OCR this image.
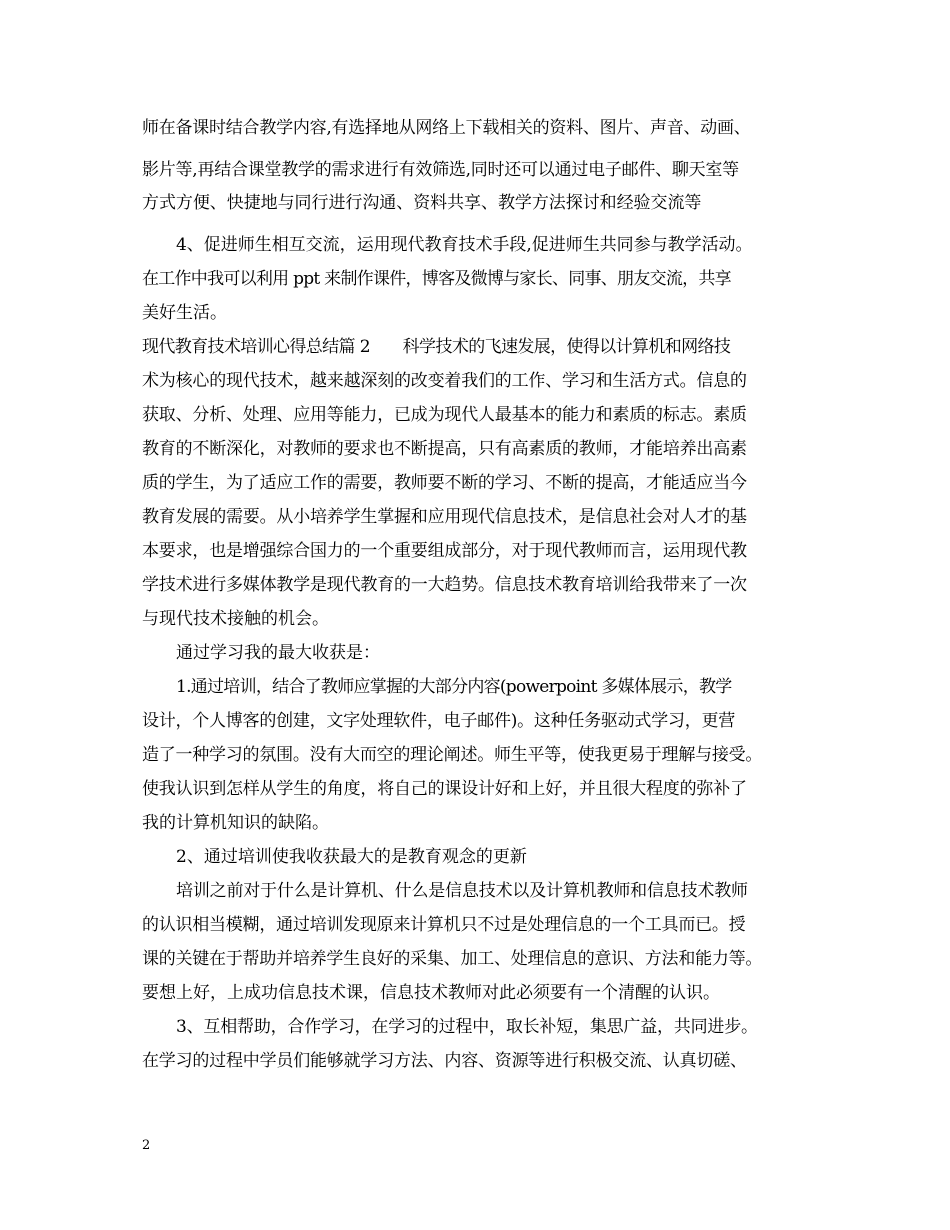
师在备课时结合教学内容,有选择地从网络上下载相关的资料、图片、声音、动画、
影片等,再结合课堂教学的需求进行有效筛选,同时还可以通过电子邮件、聊天室等
方式方便、快捷地与同行进行沟通、资料共享、教学方法探讨和经验交流等
4、促进师生相互交流，运用现代教育技术手段,促进师生共同参与教学活动。
在工作中我可以利用 ppt 来制作课件，博客及微博与家长、同事、朋友交流，共享
美好生活。
现代教育技术培训心得总结篇 2　　科学技术的飞速发展，使得以计算机和网络技
术为核心的现代技术，越来越深刻的改变着我们的工作、学习和生活方式。信息的
获取、分析、处理、应用等能力，已成为现代人最基本的能力和素质的标志。素质
教育的不断深化，对教师的要求也不断提高，只有高素质的教师，才能培养出高素
质的学生，为了适应工作的需要，教师要不断的学习、不断的提高，才能适应当今
教育发展的需要。从小培养学生掌握和应用现代信息技术，是信息社会对人才的基
本要求，也是增强综合国力的一个重要组成部分，对于现代教师而言，运用现代教
学技术进行多媒体教学是现代教育的一大趋势。信息技术教育培训给我带来了一次
与现代技术接触的机会。
通过学习我的最大收获是：
1.通过培训，结合了教师应掌握的大部分内容(powerpoint 多媒体展示，教学
设计，个人博客的创建，文字处理软件，电子邮件)。这种任务驱动式学习，更营
造了一种学习的氛围。没有大而空的理论阐述。师生平等，使我更易于理解与接受。
使我认识到怎样从学生的角度，将自己的课设计好和上好，并且很大程度的弥补了
我的计算机知识的缺陷。
2、通过培训使我收获最大的是教育观念的更新
培训之前对于什么是计算机、什么是信息技术以及计算机教师和信息技术教师
的认识相当模糊，通过培训发现原来计算机只不过是处理信息的一个工具而已。授
课的关键在于帮助并培养学生良好的采集、加工、处理信息的意识、方法和能力等。
要想上好，上成功信息技术课，信息技术教师对此必须要有一个清醒的认识。
3、互相帮助，合作学习，在学习的过程中，取长补短，集思广益，共同进步。
在学习的过程中学员们能够就学习方法、内容、资源等进行积极交流、认真切磋、
2
